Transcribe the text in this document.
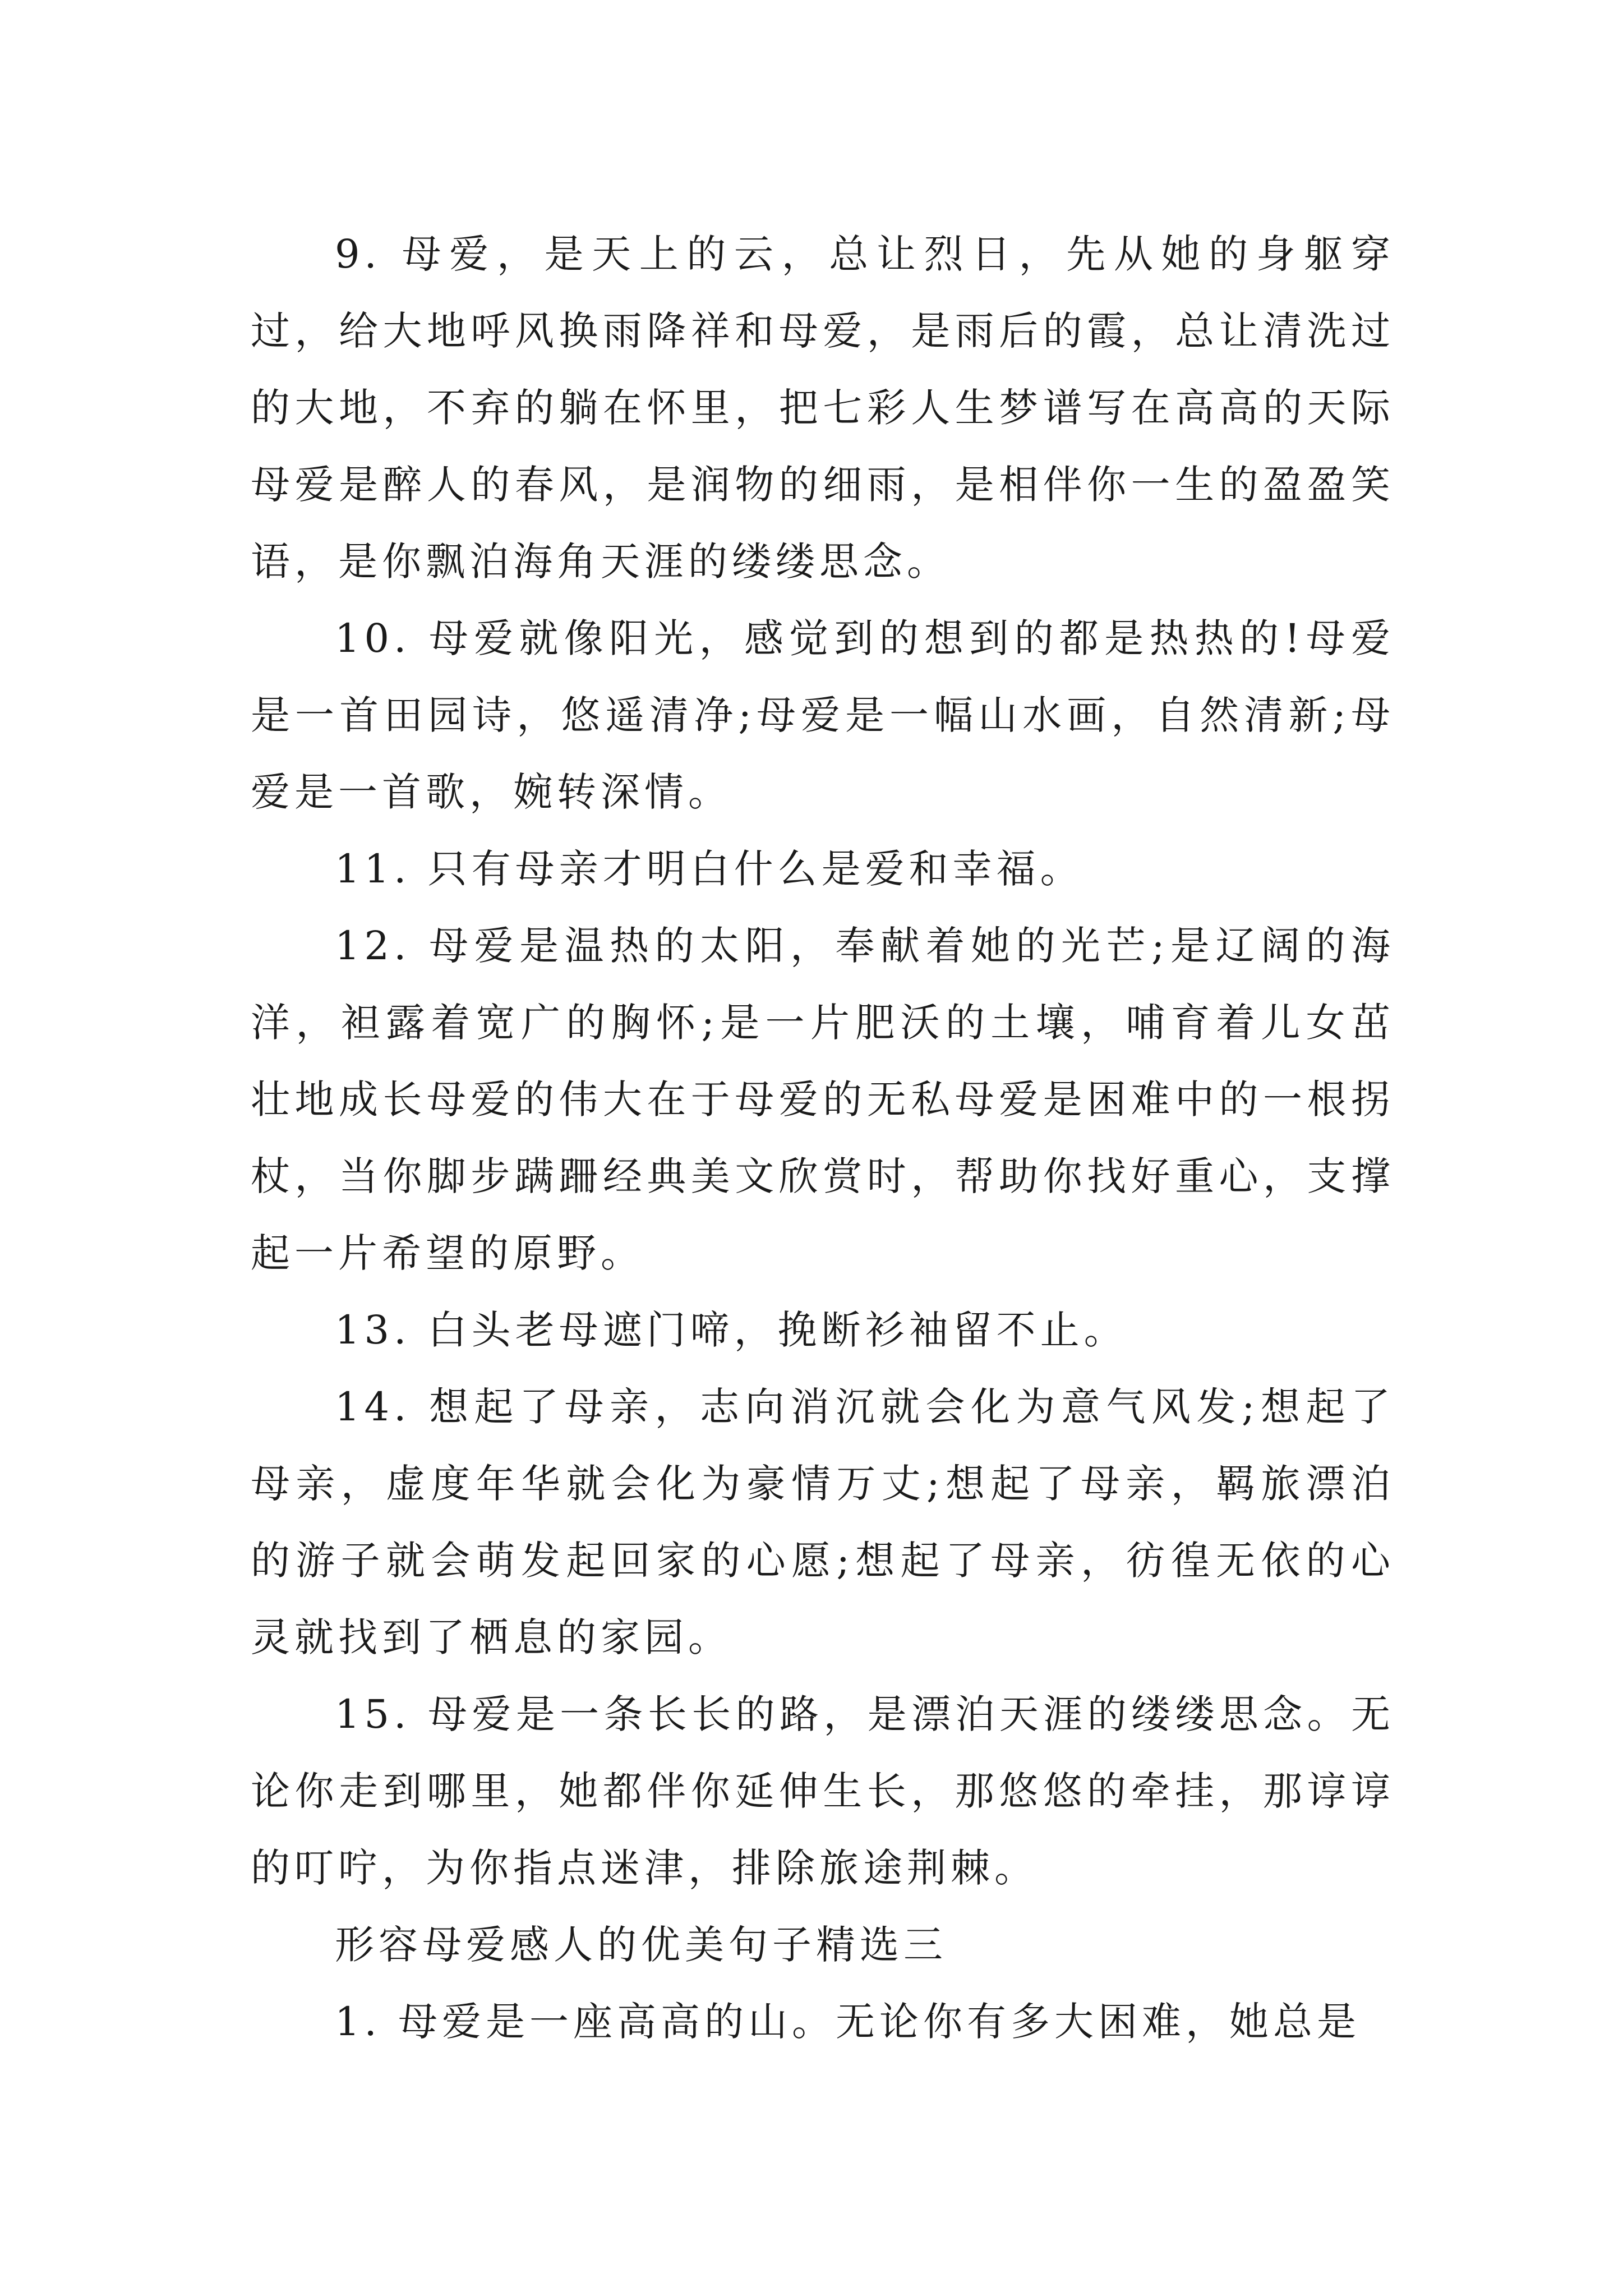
9. 母爱，是天上的云，总让烈日，先从她的身躯穿过，给大地呼风换雨降祥和母爱，是雨后的霞，总让清洗过的大地，不弃的躺在怀里，把七彩人生梦谱写在高高的天际母爱是醉人的春风，是润物的细雨，是相伴你一生的盈盈笑语，是你飘泊海角天涯的缕缕思念。

10. 母爱就像阳光，感觉到的想到的都是热热的!母爱是一首田园诗，悠遥清净;母爱是一幅山水画，自然清新;母爱是一首歌，婉转深情。

11. 只有母亲才明白什么是爱和幸福。

12. 母爱是温热的太阳，奉献着她的光芒;是辽阔的海洋，袒露着宽广的胸怀;是一片肥沃的土壤，哺育着儿女茁壮地成长母爱的伟大在于母爱的无私母爱是困难中的一根拐杖，当你脚步蹒跚经典美文欣赏时，帮助你找好重心，支撑起一片希望的原野。

13. 白头老母遮门啼，挽断衫袖留不止。

14. 想起了母亲，志向消沉就会化为意气风发;想起了母亲，虚度年华就会化为豪情万丈;想起了母亲，羁旅漂泊的游子就会萌发起回家的心愿;想起了母亲，彷徨无依的心灵就找到了栖息的家园。

15. 母爱是一条长长的路，是漂泊天涯的缕缕思念。无论你走到哪里，她都伴你延伸生长，那悠悠的牵挂，那谆谆的叮咛，为你指点迷津，排除旅途荆棘。

形容母爱感人的优美句子精选三

1. 母爱是一座高高的山。无论你有多大困难，她总是
